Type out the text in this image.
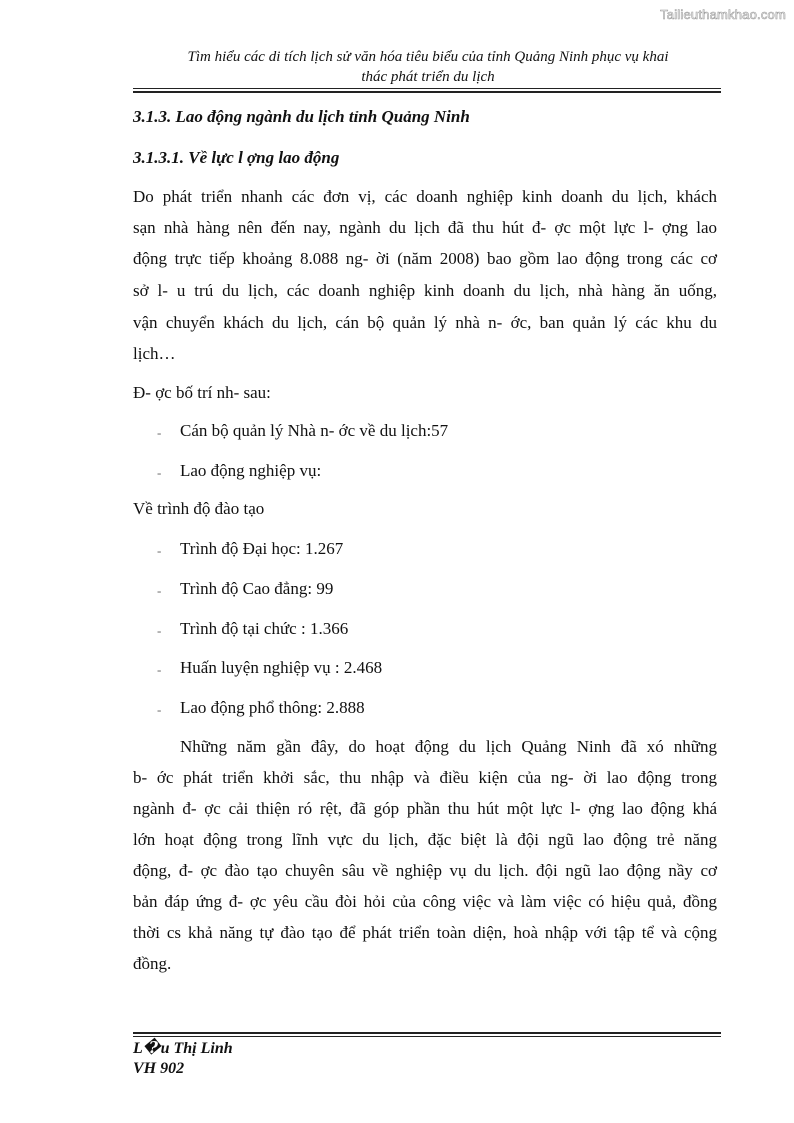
Tailieuthamkhao.com
Tìm hiểu các di tích lịch sử văn hóa tiêu biểu của tỉnh Quảng Ninh phục vụ khai
thác phát triển du lịch
3.1.3. Lao động ngành du lịch tỉnh Quảng Ninh
3.1.3.1. Về lực l ợng lao động
Do phát triển nhanh các đơn vị, các doanh nghiệp kinh doanh du lịch, khách
sạn nhà hàng nên đến nay, ngành du lịch đã thu hút đ- ợc một lực l- ợng lao
động trực tiếp khoảng 8.088 ng- ời (năm 2008) bao gồm lao động trong các cơ
sở l- u trú du lịch, các doanh nghiệp kinh doanh du lịch, nhà hàng ăn uống,
vận chuyển khách du lịch, cán bộ quản lý nhà n- ớc, ban quản lý các khu du
lịch…
Đ- ợc bố trí nh- sau:
- Cán bộ quản lý Nhà n- ớc về du lịch:57
- Lao động nghiệp vụ:
Về trình độ đào tạo
- Trình độ Đại học: 1.267
- Trình độ Cao đẳng: 99
- Trình độ tại chức : 1.366
- Huấn luyện nghiệp vụ : 2.468
- Lao động phổ thông: 2.888
Những năm gần đây, do hoạt động du lịch Quảng Ninh đã xó những
b- ớc phát triển khởi sắc, thu nhập và điều kiện của ng- ời lao động trong
ngành đ- ợc cải thiện ró rệt, đã góp phần thu hút một lực l- ợng lao động khá
lớn hoạt động trong lĩnh vực du lịch, đặc biệt là đội ngũ lao động trẻ năng
động, đ- ợc đào tạo chuyên sâu về nghiệp vụ du lịch. đội ngũ lao động nầy cơ
bản đáp ứng đ- ợc yêu cầu đòi hỏi của công việc và làm việc có hiệu quả, đồng
thời cs khả năng tự đào tạo để phát triển toàn diện, hoà nhập với tập tể và cộng
đồng.
L�u Thị Linh
VH 902
